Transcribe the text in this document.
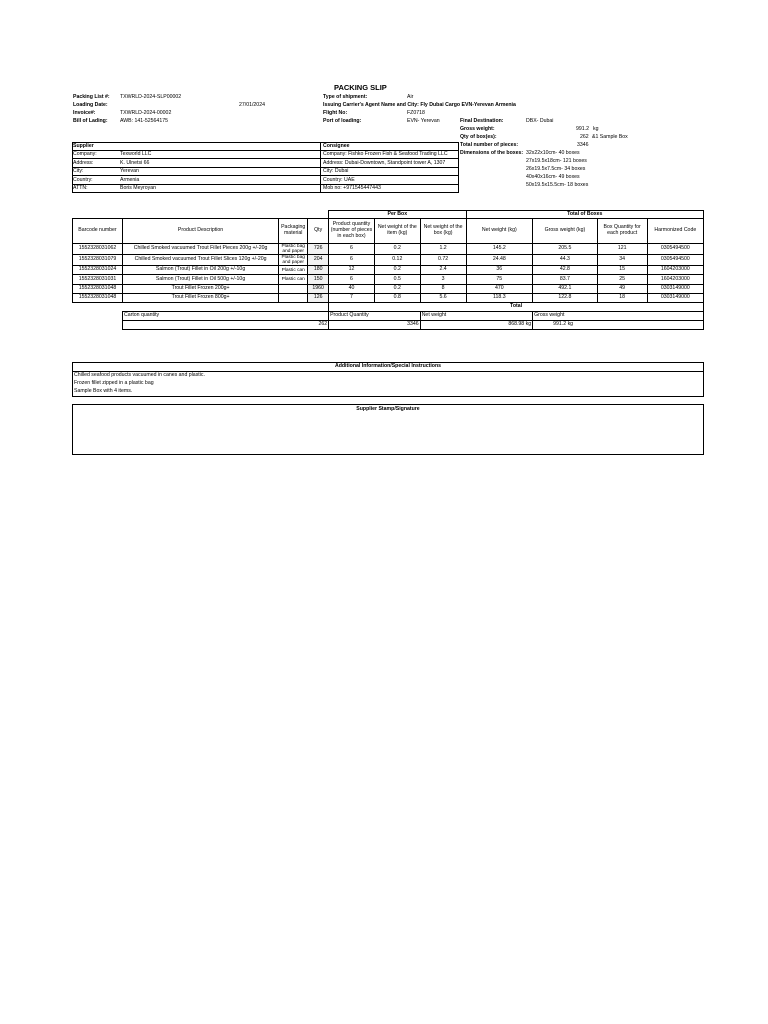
PACKING SLIP
Packing List #: TXWRLD-2024-SLP00002
Loading Date:	27/01/2024
Invoice#:	TXWRLD-2024-00002
Bill of Lading: AWB: 141-52564175
Type of shipment:	Air
Issuing Carrier's Agent Name and City: Fly Dubai Cargo EVN-Yerevan Armenia
Flight No:	FZ0718
Port of loading:	EVN- Yerevan	Final Destination:	DBX- Dubai
Gross weight:	991.2 kg
Qty of box(es):	262 &1 Sample Box
Total number of pieces:	3346
Dimensions of the boxes: 32x22x10cm- 40 boxes
27x19.5x18cm- 121 boxes
26x19.5x7.5cm- 34 boxes
40x40x16cm- 49 boxes
50x19.5x15.5cm- 18 boxes
Supplier
Company:	Texworld LLC
Address:	K. Ulnetsi 66
City:	Yerevan
Country:	Armenia
ATTN:	Boris Meyroyan
Consignee
Company: Fishko Frozen Fish & Seafood Trading LLC
Address: Dubai-Downtown, Standpoint tower A, 1307
City: Dubai
Country: UAE
Mob no: +971545447443
				Per Box			Total of Boxes			
Barcode number	Product Description	Packaging material	Qty	Product quantity (number of pieces in each box)	Net weight of the item (kg)	Net weight of the box (kg)	Net weight (kg)	Gross weight (kg)	Box Quantity for each product	Harmonized Code
1552328031062	Chilled Smoked vacuumed Trout Fillet Pieces 200g +/-20g	Plastic bag and paper	726	6	0.2	1.2	145.2	205.5	121	0305494500
1552328031079	Chilled Smoked vacuumed Trout Fillet Slices 120g +/-20g	Plastic bag and paper	204	6	0.12	0.72	24.48	44.3	34	0305494500
1552328031024	Salmon (Trout) Fillet in Oil 200g +/-10g	Plastic can	180	12	0.2	2.4	36	42.8	15	1604203000
1552328031031	Salmon (Trout) Fillet in Oil 500g +/-10g	Plastic can	150	6	0.5	3	75	83.7	25	1604203000
1552328031048	Trout Fillet Frozen 200g+		1960	40	0.2	8	470	492.1	49	0303149000
1552328031048	Trout Fillet Frozen 800g+		126	7	0.8	5.6	118.3	122.8	18	0303149000
				Total						
	Carton quantity			Product Quantity		Net weight		Gross weight		
	262			3346		868.98 kg		991.2 kg		
Additional Information/Special Instructions
Chilled seafood products vacuumed in canes and plastic.
Frozen fillet zipped in a plastic bag
Sample Box with 4 items.
Supplier Stamp/Signature
